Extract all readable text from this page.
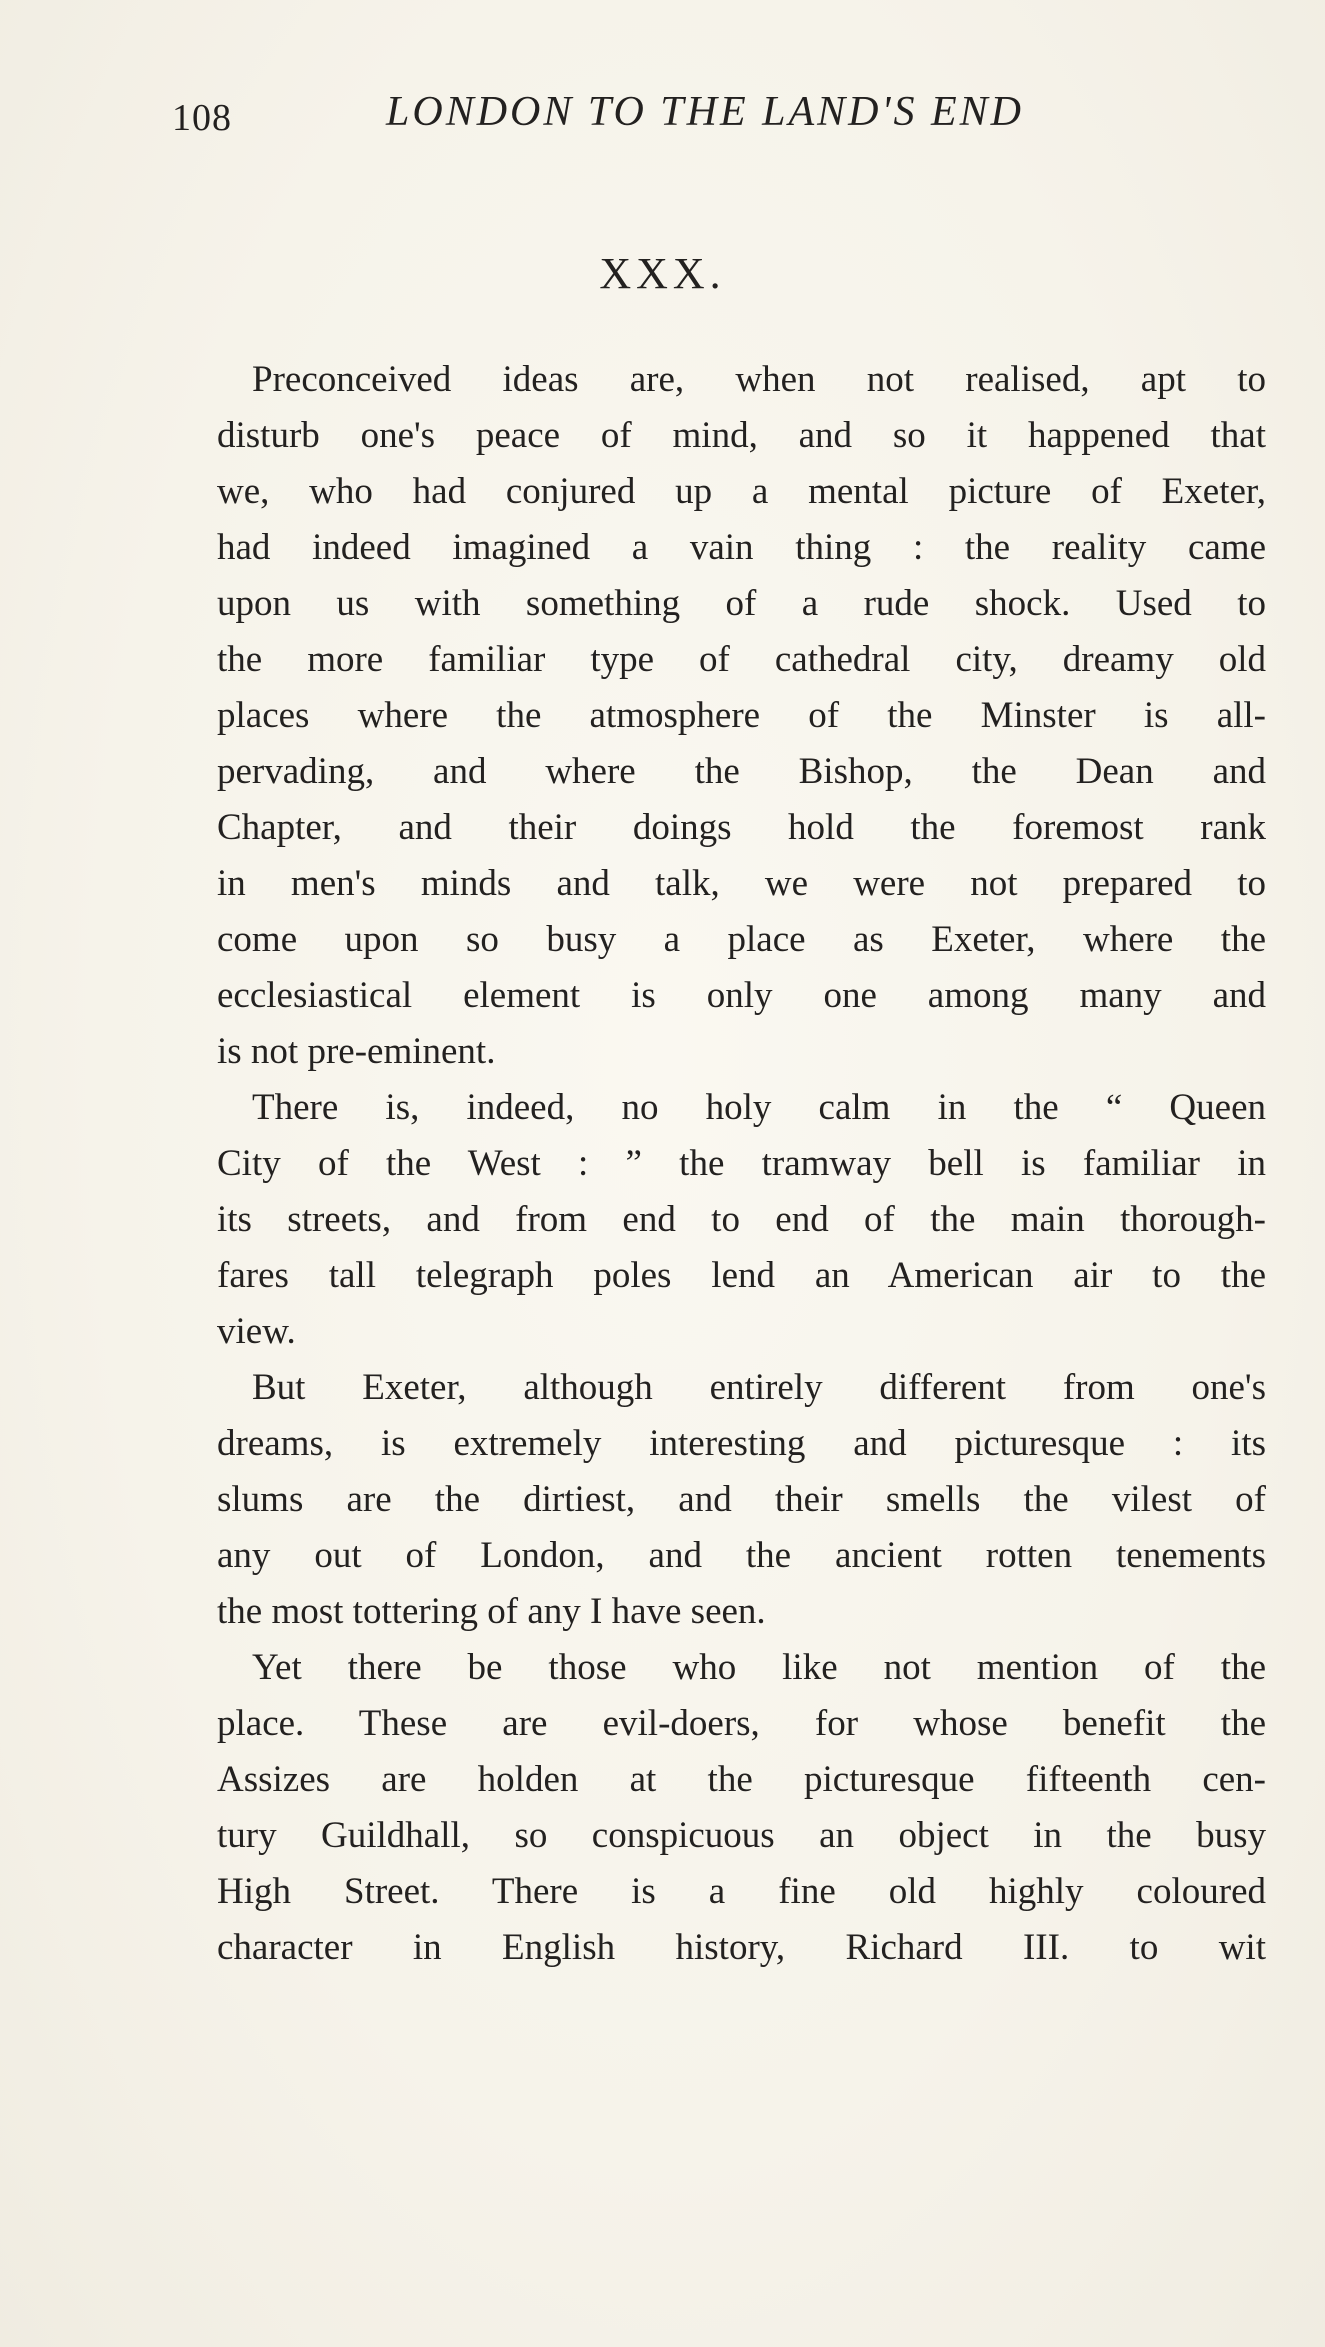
108	LONDON TO THE LAND'S END
XXX.

Preconceived ideas are, when not realised, apt to
disturb one's peace of mind, and so it happened that
we, who had conjured up a mental picture of Exeter,
had indeed imagined a vain thing : the reality came
upon us with something of a rude shock. Used to
the more familiar type of cathedral city, dreamy old
places where the atmosphere of the Minster is all-
pervading, and where the Bishop, the Dean and
Chapter, and their doings hold the foremost rank
in men's minds and talk, we were not prepared to
come upon so busy a place as Exeter, where the
ecclesiastical element is only one among many and
is not pre-eminent.

There is, indeed, no holy calm in the “ Queen
City of the West : ” the tramway bell is familiar in
its streets, and from end to end of the main thorough-
fares tall telegraph poles lend an American air to the
view.

But Exeter, although entirely different from one's
dreams, is extremely interesting and picturesque : its
slums are the dirtiest, and their smells the vilest of
any out of London, and the ancient rotten tenements
the most tottering of any I have seen.

Yet there be those who like not mention of the
place. These are evil-doers, for whose benefit the
Assizes are holden at the picturesque fifteenth cen-
tury Guildhall, so conspicuous an object in the busy
High Street. There is a fine old highly coloured
character in English history, Richard III. to wit
